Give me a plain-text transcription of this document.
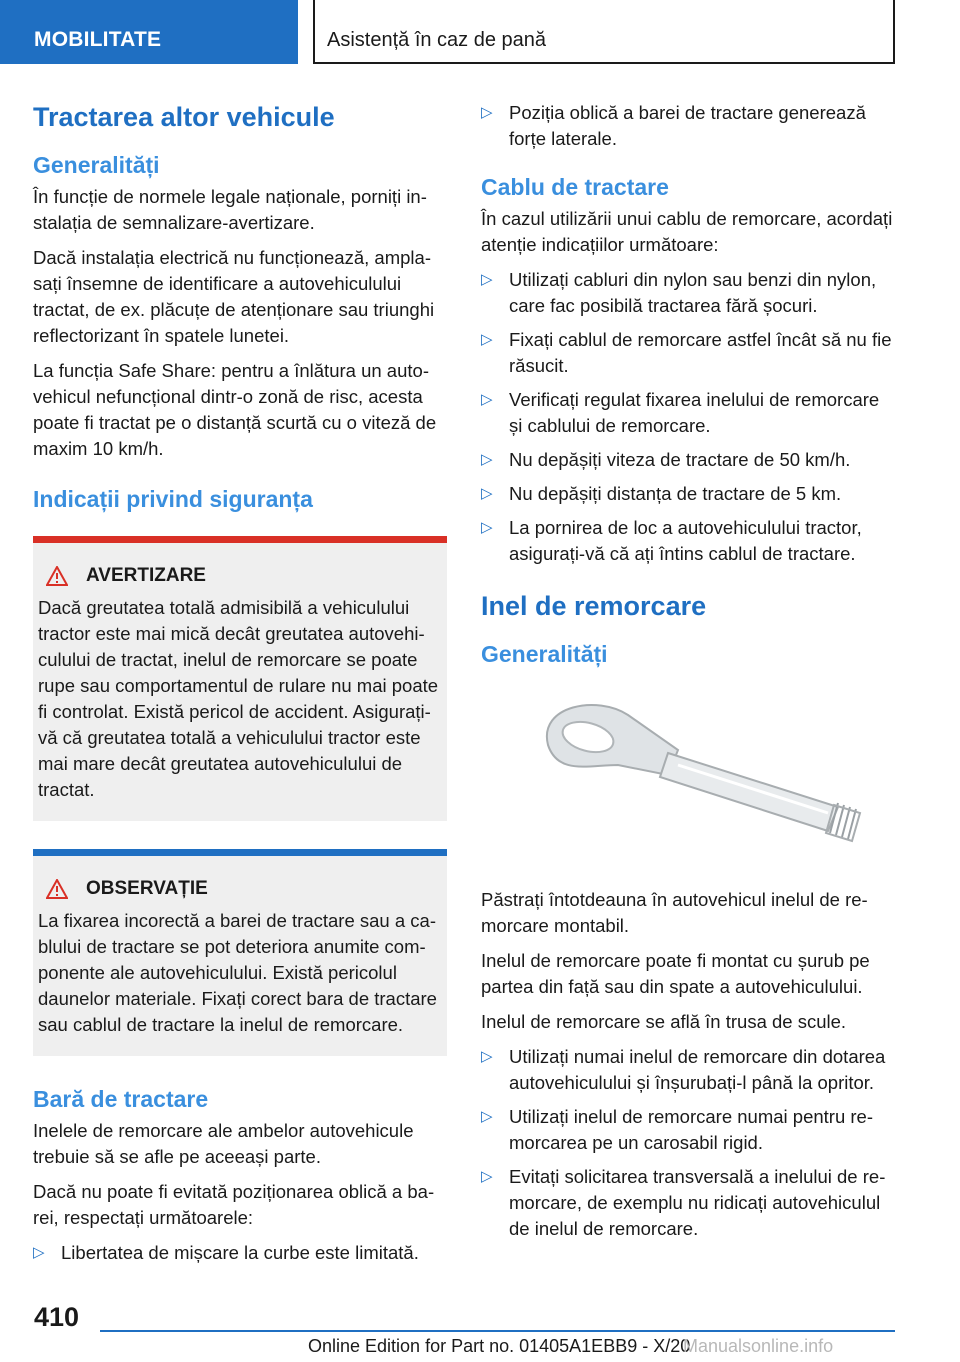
MOBILITATE	Asistență în caz de pană
Tractarea altor vehicule
Generalități

În funcție de normele legale naționale, porniți instalația de semnalizare-avertizare.

Dacă instalația electrică nu funcționează, amplasați însemne de identificare a autovehiculului tractat, de ex. plăcuțe de atenționare sau triunghi reflectorizant în spatele lunetei.

La funcția Safe Share: pentru a înlătura un autovehicul nefuncțional dintr-o zonă de risc, acesta poate fi tractat pe o distanță scurtă cu o viteză de maxim 10 km/h.

Indicații privind siguranța
AVERTIZARE

Dacă greutatea totală admisibilă a vehiculului tractor este mai mică decât greutatea autovehiculului de tractat, inelul de remorcare se poate rupe sau comportamentul de rulare nu mai poate fi controlat. Există pericol de accident. Asigurați-vă că greutatea totală a vehiculului tractor este mai mare decât greutatea autovehiculului de tractat.

OBSERVAȚIE

La fixarea incorectă a barei de tractare sau a cablului de tractare se pot deteriora anumite componente ale autovehiculului. Există pericolul daunelor materiale. Fixați corect bara de tractare sau cablul de tractare la inelul de remorcare.

Bară de tractare

Inelele de remorcare ale ambelor autovehicule trebuie să se afle pe aceeași parte.

Dacă nu poate fi evitată poziționarea oblică a barei, respectați următoarele:

▷ Libertatea de mișcare la curbe este limitată.
▷ Poziția oblică a barei de tractare generează forțe laterale.
Cablu de tractare

În cazul utilizării unui cablu de remorcare, acordați atenție indicațiilor următoare:

▷ Utilizați cabluri din nylon sau benzi din nylon, care fac posibilă tractarea fără șocuri.
▷ Fixați cablul de remorcare astfel încât să nu fie răsucit.
▷ Verificați regulat fixarea inelului de remorcare și cablului de remorcare.
▷ Nu depășiți viteza de tractare de 50 km/h.
▷ Nu depășiți distanța de tractare de 5 km.
▷ La pornirea de loc a autovehiculului tractor, asigurați-vă că ați întins cablul de tractare.
Inel de remorcare
Generalități

Păstrați întotdeauna în autovehicul inelul de remorcare montabil.

Inelul de remorcare poate fi montat cu șurub pe partea din față sau din spate a autovehiculului.

Inelul de remorcare se află în trusa de scule.

▷ Utilizați numai inelul de remorcare din dotarea autovehiculului și înșurubați-l până la opritor.
▷ Utilizați inelul de remorcare numai pentru remorcarea pe un carosabil rigid.
▷ Evitați solicitarea transversală a inelului de remorcare, de exemplu nu ridicați autovehiculul de inelul de remorcare.
410
Online Edition for Part no. 01405A1EBB9 - X/20
Manualsonline.info
